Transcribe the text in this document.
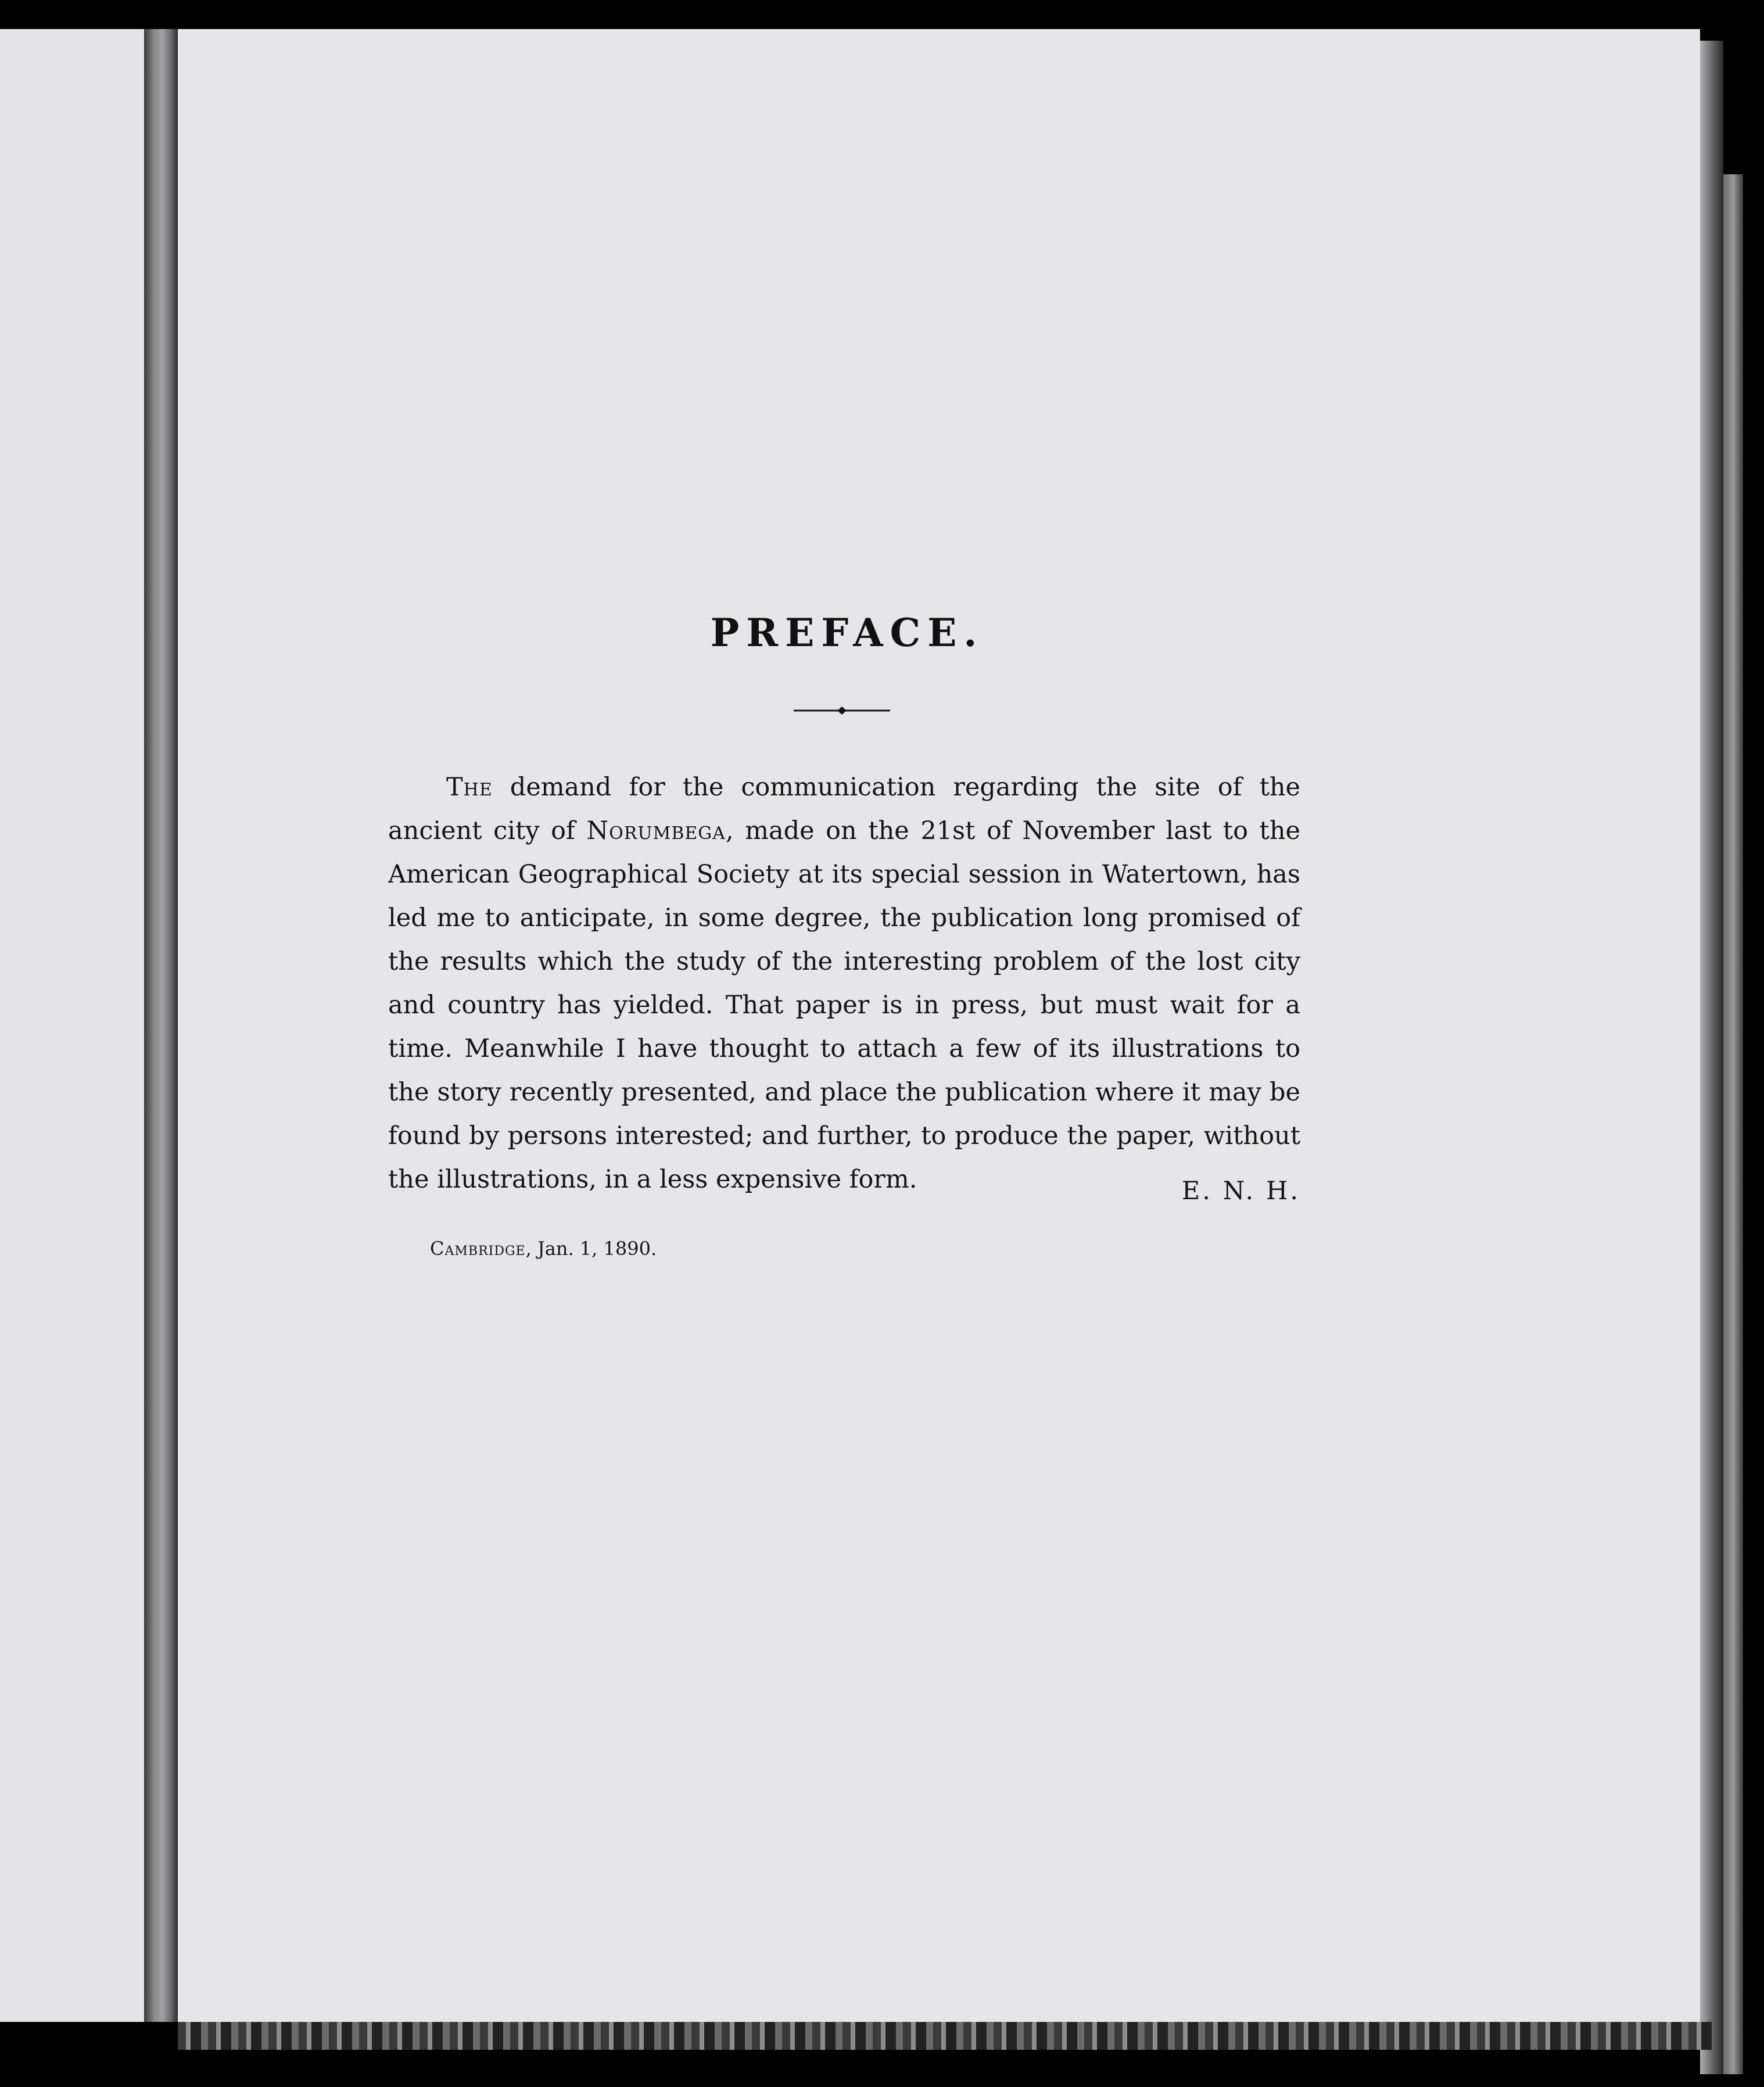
PREFACE.

The demand for the communication regarding the site of the ancient city of Norumbega, made on the 21st of November last to the American Geographical Society at its special session in Watertown, has led me to anticipate, in some degree, the publication long promised of the results which the study of the interesting problem of the lost city and country has yielded. That paper is in press, but must wait for a time. Meanwhile I have thought to attach a few of its illustrations to the story recently presented, and place the publication where it may be found by persons interested; and further, to produce the paper, without the illustrations, in a less expensive form.	E. N. H.

Cambridge, Jan. 1, 1890.
